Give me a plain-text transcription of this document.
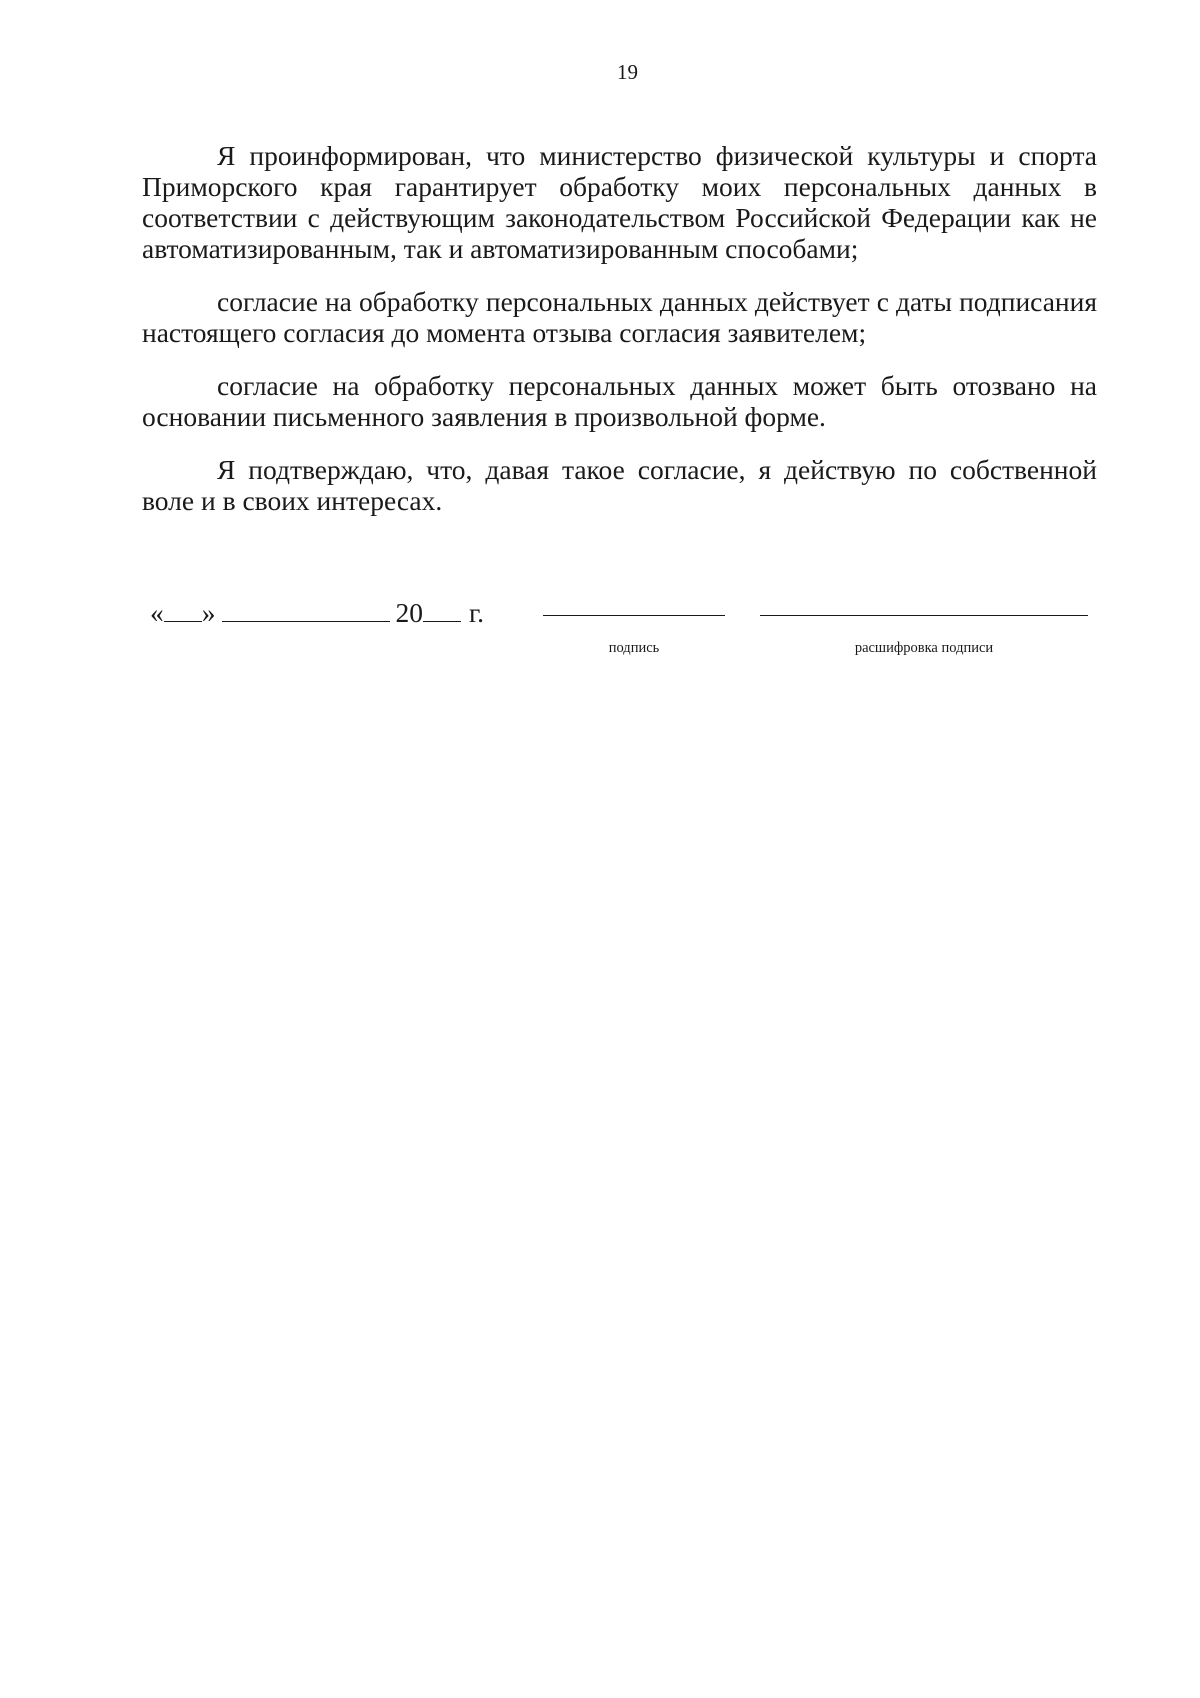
19

Я проинформирован, что министерство физической культуры и спорта Приморского края гарантирует обработку моих персональных данных в соответствии с действующим законодательством Российской Федерации как не автоматизированным, так и автоматизированным способами;

согласие на обработку персональных данных действует с даты подписания настоящего согласия до момента отзыва согласия заявителем;

согласие на обработку персональных данных может быть отозвано на основании письменного заявления в произвольной форме.

Я подтверждаю, что, давая такое согласие, я действую по собственной воле и в своих интересах.

« »	20 г.
подпись	расшифровка подписи
